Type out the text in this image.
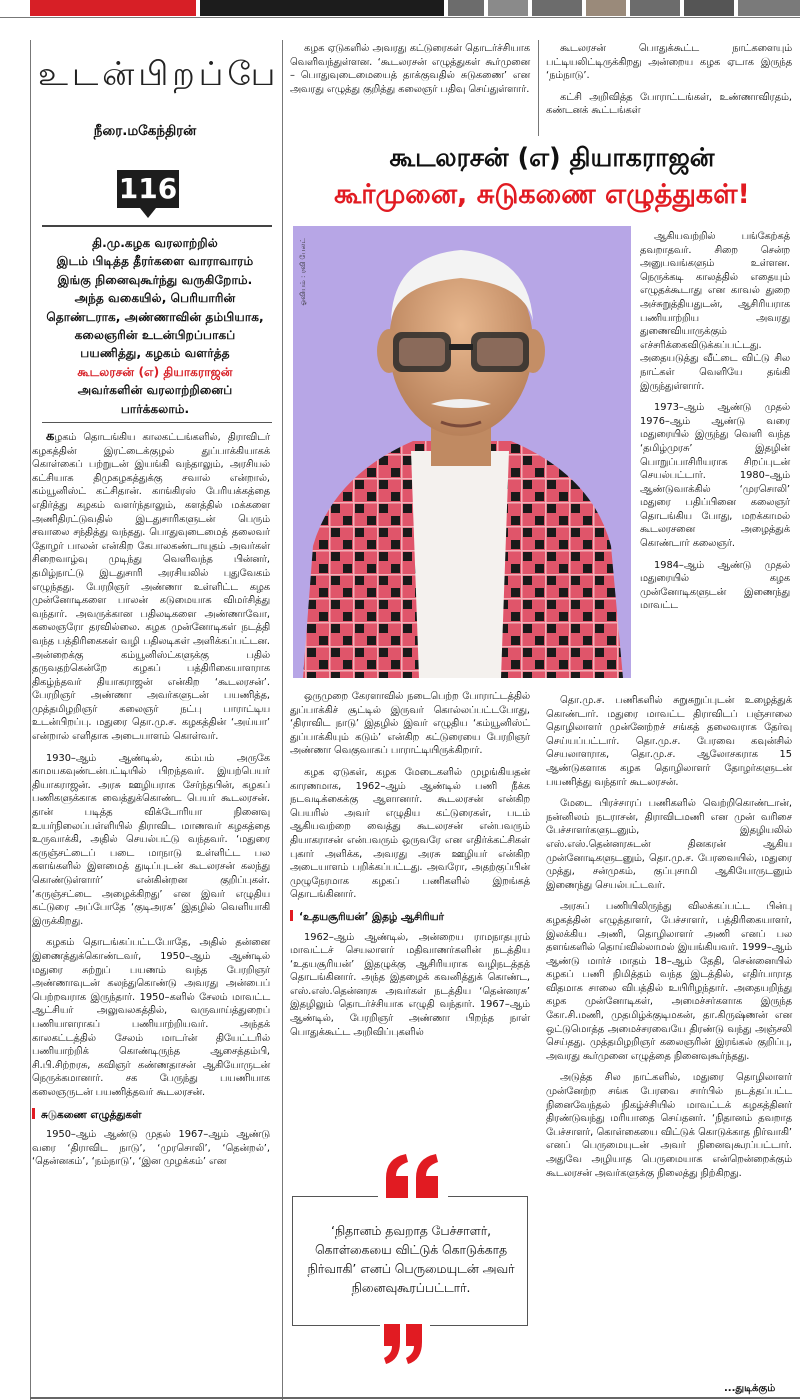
உடன்பிறப்பே
நீரை.மகேந்திரன்
116
தி.மு.கழக வரலாற்றில்
இடம் பிடித்த தீரர்களை வாராவாரம்
இங்கு நினைவுகூர்ந்து வருகிறோம்.
அந்த வகையில், பெரியாரின்
தொண்டராக, அண்ணாவின் தம்பியாக,
கலைஞரின் உடன்பிறப்பாகப்
பயணித்து, கழகம் வளர்த்த
கூடலரசன் (எ) தியாகராஜன்
அவர்களின் வரலாற்றினைப்
பார்க்கலாம்.

கழகம் தொடங்கிய காலகட்டங்களில், திராவிடர் கழகத்தின் இரட்டைக்குழல் துப்பாக்கியாகக் கொள்கைப் பற்றுடன் இயங்கி வந்தாலும், அரசியல் கட்சியாக திமுகழகத்துக்கு சவால் என்றால், கம்யூனிஸ்ட் கட்சிதான். காங்கிரஸ் பேரியக்கத்தை எதிர்த்து கழகம் வளர்ந்தாலும், களத்தில் மக்களை அணிதிரட்டுவதில் இடதுசாரிகளுடன் பெரும் சவாலை சந்தித்து வந்தது. பொதுவுடைமைத் தலைவர் தோழர் பாலன் என்கிற கேபாலகண்டாயுதம் அவர்கள் சிறைவாழ்வு முடிந்து வெளிவந்த பின்னர், தமிழ்நாட்டு இடதுசாரி அரசியலில் புதுவேகம் எழுந்தது. பேரறிஞர் அண்ணா உள்ளிட்ட கழக முன்னோடிகளை பாலன் கடுமையாக விமர்சித்து வந்தார். அவருக்கான பதிலடிகளை அண்ணாவோ, கலைஞரோ தரவில்லை. கழக முன்னோடிகள் நடத்தி வந்த பத்திரிகைகள் வழி பதிலடிகள் அளிக்கப்பட்டன. அன்றைக்கு கம்யூனிஸ்ட்களுக்கு பதில் தருவதற்கென்றே கழகப் பத்திரிகையாளராக திகழ்ந்தவர் தியாகராஜன் என்கிற ‘கூடலரசன்’. பேரறிஞர் அண்ணா அவர்களுடன் பயணித்த, முத்தமிழறிஞர் கலைஞர் நட்பு பாராட்டிய உடன்பிறப்பு. மதுரை தொ.மு.ச. கழகத்தின் ‘அய்யா’ என்றால் எளிதாக அடையாளம் கொள்வர்.

1930–ஆம் ஆண்டில், கம்பம் அருகே காமயகவுண்டன்பட்டியில் பிறந்தவர். இயற்பெயர் தியாகராஜன். அரசு ஊழியராக சேர்ந்தபின், கழகப் பணிகளுக்காக வைத்துக்கொண்ட பெயர் கூடலரசன். தான் படித்த விக்டோரியா நினைவு உயர்நிலைப்பள்ளியில் திராவிட மாணவர் கழகத்தை உருவாக்கி, அதில் செயல்பட்டு வந்தவர். ‘மதுரை கருஞ்சட்டைப் படை மாநாடு உள்ளிட்ட பல களங்களில் இளமைத் துடிப்புடன் கூடலரசன் கலந்து கொண்டுள்ளார்’ என்கின்றன குறிப்புகள். ‘கருஞ்சட்டை அழைக்கிறது’ என இவர் எழுதிய கட்டுரை அப்போதே ‘குடிஅரசு’ இதழில் வெளியாகி இருக்கிறது.

கழகம் தொடங்கப்பட்டபோதே, அதில் தன்னை இணைத்துக்கொண்டவர், 1950–ஆம் ஆண்டில் மதுரை சுற்றுப் பயணம் வந்த பேரறிஞர் அண்ணாவுடன் கலந்துகொண்டு அவரது அன்பைப் பெற்றவராக இருந்தார். 1950–களில் சேலம் மாவட்ட ஆட்சியர் அலுவலகத்தில், வருவாய்த்துறைப் பணியாளராகப் பணியாற்றியவர். அந்தக் காலகட்டத்தில் சேலம் மாடர்ன் தியேட்டரில் பணியாற்றிக் கொண்டிருந்த ஆசைத்தம்பி, சி.பி.சிற்றரசு, கவிஞர் கண்ணதாசன் ஆகியோருடன் நெருக்கமானார். சக பேருந்து பயணியாக கலைஞருடன் பயணித்தவர் கூடலரசன்.

சுடுகணை எழுத்துகள்

1950–ஆம் ஆண்டு முதல் 1967–ஆம் ஆண்டு வரை ‘திராவிட நாடு’, ‘முரசொலி’, ‘தென்றல்’, ‘தென்னகம்’, ‘நம்நாடு’, ‘இன முழக்கம்’ என

கழக ஏடுகளில் அவரது கட்டுரைகள் தொடர்ச்சியாக வெளிவந்துள்ளன. ‘கூடலரசன் எழுத்துகள் கூர்முனை – பொதுவுடைமையைத் தாக்குவதில் சுடுகணை’ என அவரது எழுத்து குறித்து கலைஞர் பதிவு செய்துள்ளார்.

கூடலரசன் பொதுக்கூட்ட நாட்களையும் பட்டியலிட்டிருக்கிறது அன்றைய கழக ஏடாக இருந்த ‘நம்நாடு’.

கட்சி அறிவித்த போராட்டங்கள், உண்ணாவிரதம், கண்டனக் கூட்டங்கள்

கூடலரசன் (எ) தியாகராஜன்
கூர்முனை, சுடுகணை எழுத்துகள்!
ஓவியம் : ரவி பேலட்

ஆகியவற்றில் பங்கேற்கத் தவறாதவர். சிறை சென்ற அனுபவங்களும் உள்ளன. நெருக்கடி காலத்தில் எதையும் எழுதக்கூடாது என காவல் துறை அச்சுறுத்தியதுடன், ஆசிரியராக பணியாற்றிய அவரது துணைவியாருக்கும் எச்சரிக்கைவிடுக்கப்பட்டது. அதையடுத்து வீட்டை விட்டு சில நாட்கள் வெளியே தங்கி இருந்துள்ளார்.

1973–ஆம் ஆண்டு முதல் 1976–ஆம் ஆண்டு வரை மதுரையில் இருந்து வெளி வந்த ‘தமிழ்முரசு’ இதழின் பொறுப்பாசிரியராக சிறப்புடன் செயல்பட்டார். 1980–ஆம் ஆண்டுவாக்கில் ‘முரசொலி’ மதுரை பதிப்பினை கலைஞர் தொடங்கிய போது, மறக்காமல் கூடலரசனை அழைத்துக் கொண்டார் கலைஞர்.

1984–ஆம் ஆண்டு முதல் மதுரையில் கழக முன்னோடிகளுடன் இணைந்து மாவட்ட

ஒருமுறை கேரளாவில் நடைபெற்ற போராட்டத்தில் துப்பாக்கிச் சூட்டில் இருவர் கொல்லப்பட்டபோது, ‘திராவிட நாடு’ இதழில் இவர் எழுதிய ‘கம்யூனிஸ்ட் துப்பாக்கியும் கடும்’ என்கிற கட்டுரையை பேரறிஞர் அண்ணா வெகுவாகப் பாராட்டியிருக்கிறார்.

கழக ஏடுகள், கழக மேடைகளில் முழங்கியதன் காரணமாக, 1962–ஆம் ஆண்டில் பணி நீக்க நடவடிக்கைக்கு ஆளானார். கூடலரசன் என்கிற பெயரில் அவர் எழுதிய கட்டுரைகள், படம் ஆகியவற்றை வைத்து கூடலரசன் என்பவரும் தியாகராசன் என்பவரும் ஒருவரே என எதிர்க்கட்சிகள் புகார் அளிக்க, அவரது அரசு ஊழியர் என்கிற அடையாளம் பறிக்கப்பட்டது. அவரோ, அதற்குப்பின் முழுநேரமாக கழகப் பணிகளில் இறங்கத் தொடங்கினார்.

‘உதயசூரியன்’ இதழ் ஆசிரியர்

1962–ஆம் ஆண்டில், அன்றைய ராமநாதபுரம் மாவட்டச் செயலாளர் மதிவாணர்களின் நடத்திய ‘உதயசூரியன்’ இதழுக்கு ஆசிரியராக வழிநடத்தத் தொடங்கினார். அந்த இதழைக் கவனித்துக் கொண்ட, எஸ்.எஸ்.தென்னரசு அவர்கள் நடத்திய ‘தென்னரசு’ இதழிலும் தொடர்ச்சியாக எழுதி வந்தார். 1967–ஆம் ஆண்டில், பேரறிஞர் அண்ணா பிறந்த நாள் பொதுக்கூட்ட அறிவிப்புகளில்

‘நிதானம் தவறாத பேச்சாளர், கொள்கையை விட்டுக் கொடுக்காத நிர்வாகி’ எனப் பெருமையுடன் அவர் நினைவுகூரப்பட்டார்.

தொ.மு.ச. பணிகளில் சுறுசுறுப்புடன் உழைத்துக் கொண்டார். மதுரை மாவட்ட திராவிடப் பஞ்சாலை தொழிலாளர் முன்னேற்றச் சங்கத் தலைவராக தேர்வு செய்யப்பட்டார். தொ.மு.ச. பேரவை கவுன்சில் செயலாளராக, தொ.மு.ச. ஆலோசகராக 15 ஆண்டுகளாக கழக தொழிலாளர் தோழர்களுடன் பயணித்து வந்தார் கூடலரசன்.

மேடை பிரச்சாரப் பணிகளில் வெற்றிகொண்டான், நன்னிலம் நடராசன், திராவிடமணி என முன் வரிசை பேச்சாளர்களுடனும், இதழியலில் எஸ்.எஸ்.தென்னரசுடன் தினகரன் ஆகிய முன்னோடிகளுடனும், தொ.மு.ச. பேரவையில், மதுரை முத்து, சன்முகம், குப்புசாமி ஆகியோருடனும் இணைந்து செயல்பட்டவர்.

அரசுப் பணியிலிருந்து விலக்கப்பட்ட பின்பு கழகத்தின் எழுத்தாளர், பேச்சாளர், பத்திரிகையாளர், இலக்கிய அணி, தொழிலாளர் அணி எனப் பல தளங்களில் தொய்வில்லாமல் இயங்கியவர். 1999–ஆம் ஆண்டு மார்ச் மாதம் 18–ஆம் தேதி, சென்னையில் கழகப் பணி நிமித்தம் வந்த இடத்தில், எதிர்பாராத விதமாக சாலை விபத்தில் உயிரிழந்தார். அதையறிந்து கழக முன்னோடிகள், அமைச்சர்களாக இருந்த கோ.சி.மணி, முதமிழ்க்குடிமகன், தா.கிருஷ்ணன் என ஒட்டுமொத்த அமைச்சரவையே திரண்டு வந்து அஞ்சலி செய்தது. முத்தமிழறிஞர் கலைஞரின் இரங்கல் குறிப்பு, அவரது கூர்முனை எழுத்தை நினைவுகூர்ந்தது.

அடுத்த சில நாட்களில், மதுரை தொழிலாளர் முன்னேற்ற சங்க பேரவை சார்பில் நடத்தப்பட்ட நினைவேந்தல் நிகழ்ச்சியில் மாவட்டக் கழகத்தினர் திரண்டுவந்து மரியாதை செய்தனர். ‘நிதானம் தவறாத பேச்சாளர், கொள்கையை விட்டுக் கொடுக்காத நிர்வாகி’ எனப் பெருமையுடன் அவர் நினைவுகூரப்பட்டார். அதுவே அழியாத பெருமையாக என்றென்றைக்கும் கூடலரசன் அவர்களுக்கு நிலைத்து நிற்கிறது.

...துடிக்கும்
